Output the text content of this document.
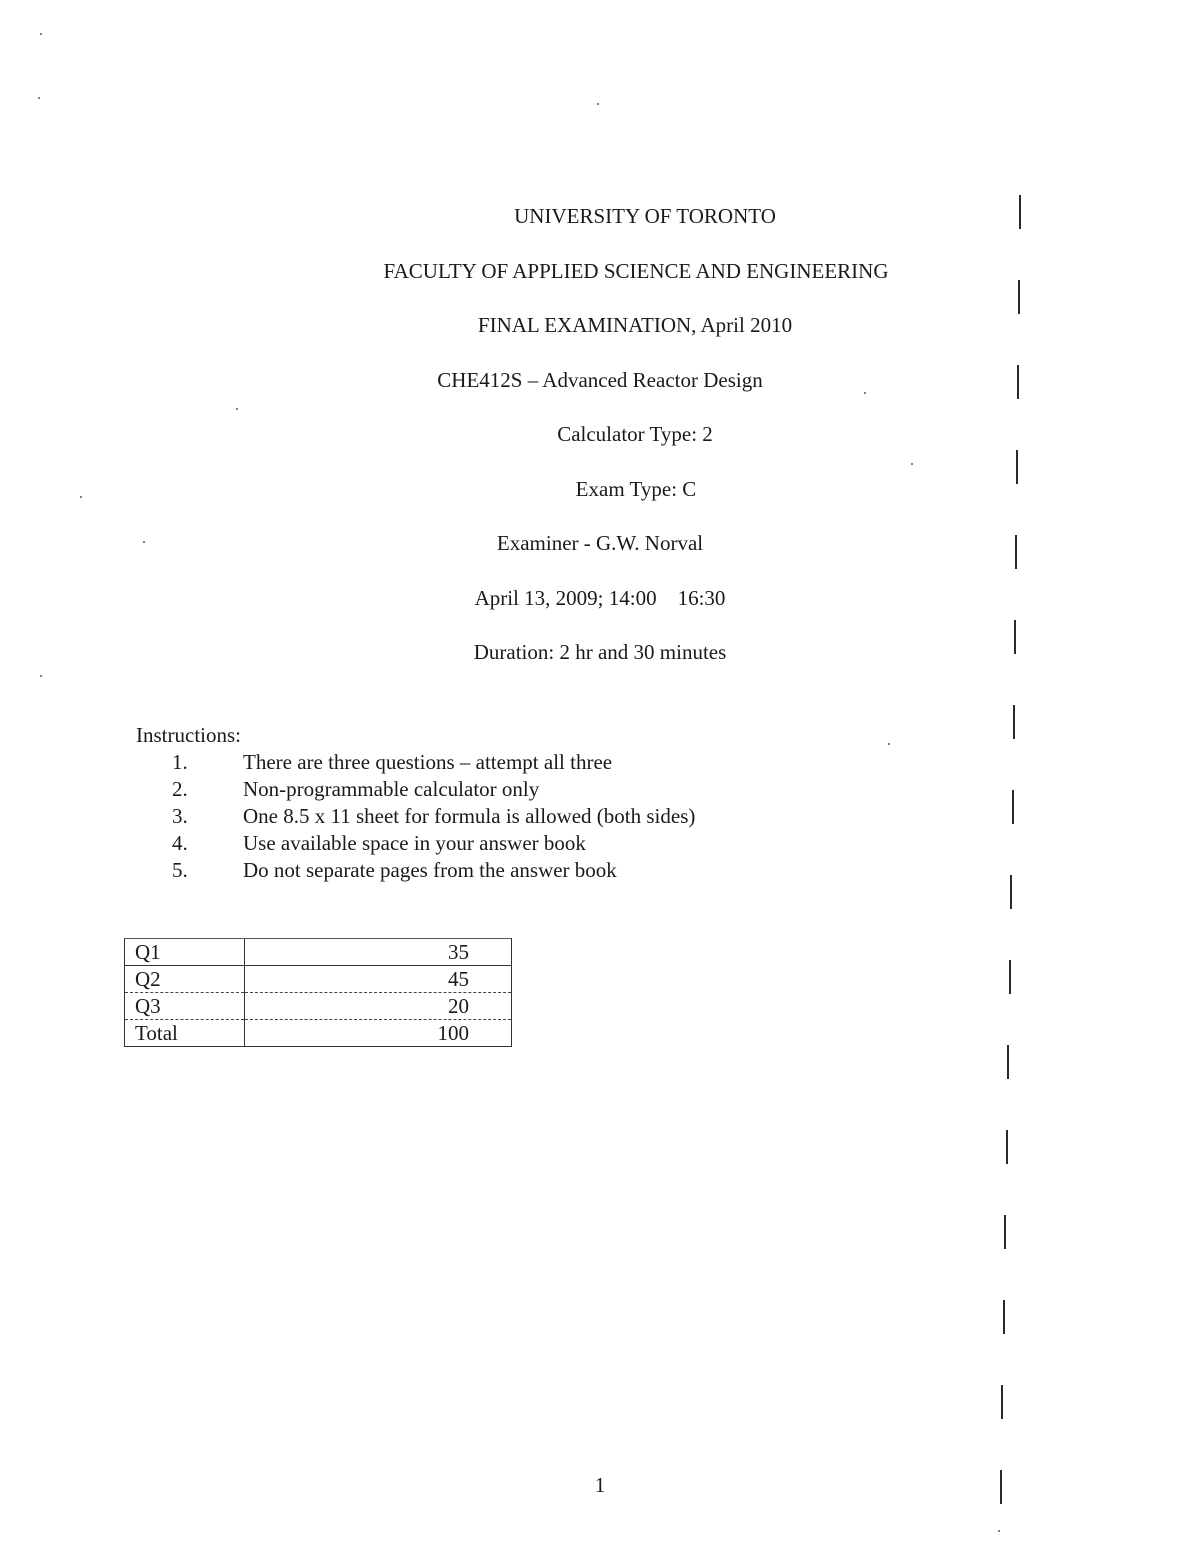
UNIVERSITY OF TORONTO
FACULTY OF APPLIED SCIENCE AND ENGINEERING
FINAL EXAMINATION, April 2010
CHE412S – Advanced Reactor Design
Calculator Type: 2
Exam Type: C
Examiner - G.W. Norval
April 13, 2009; 14:00    16:30
Duration: 2 hr and 30 minutes
Instructions:
1.	There are three questions – attempt all three
2.	Non-programmable calculator only
3.	One 8.5 x 11 sheet for formula is allowed (both sides)
4.	Use available space in your answer book
5.	Do not separate pages from the answer book
Q1	35
Q2	45
Q3	20
Total	100
1
